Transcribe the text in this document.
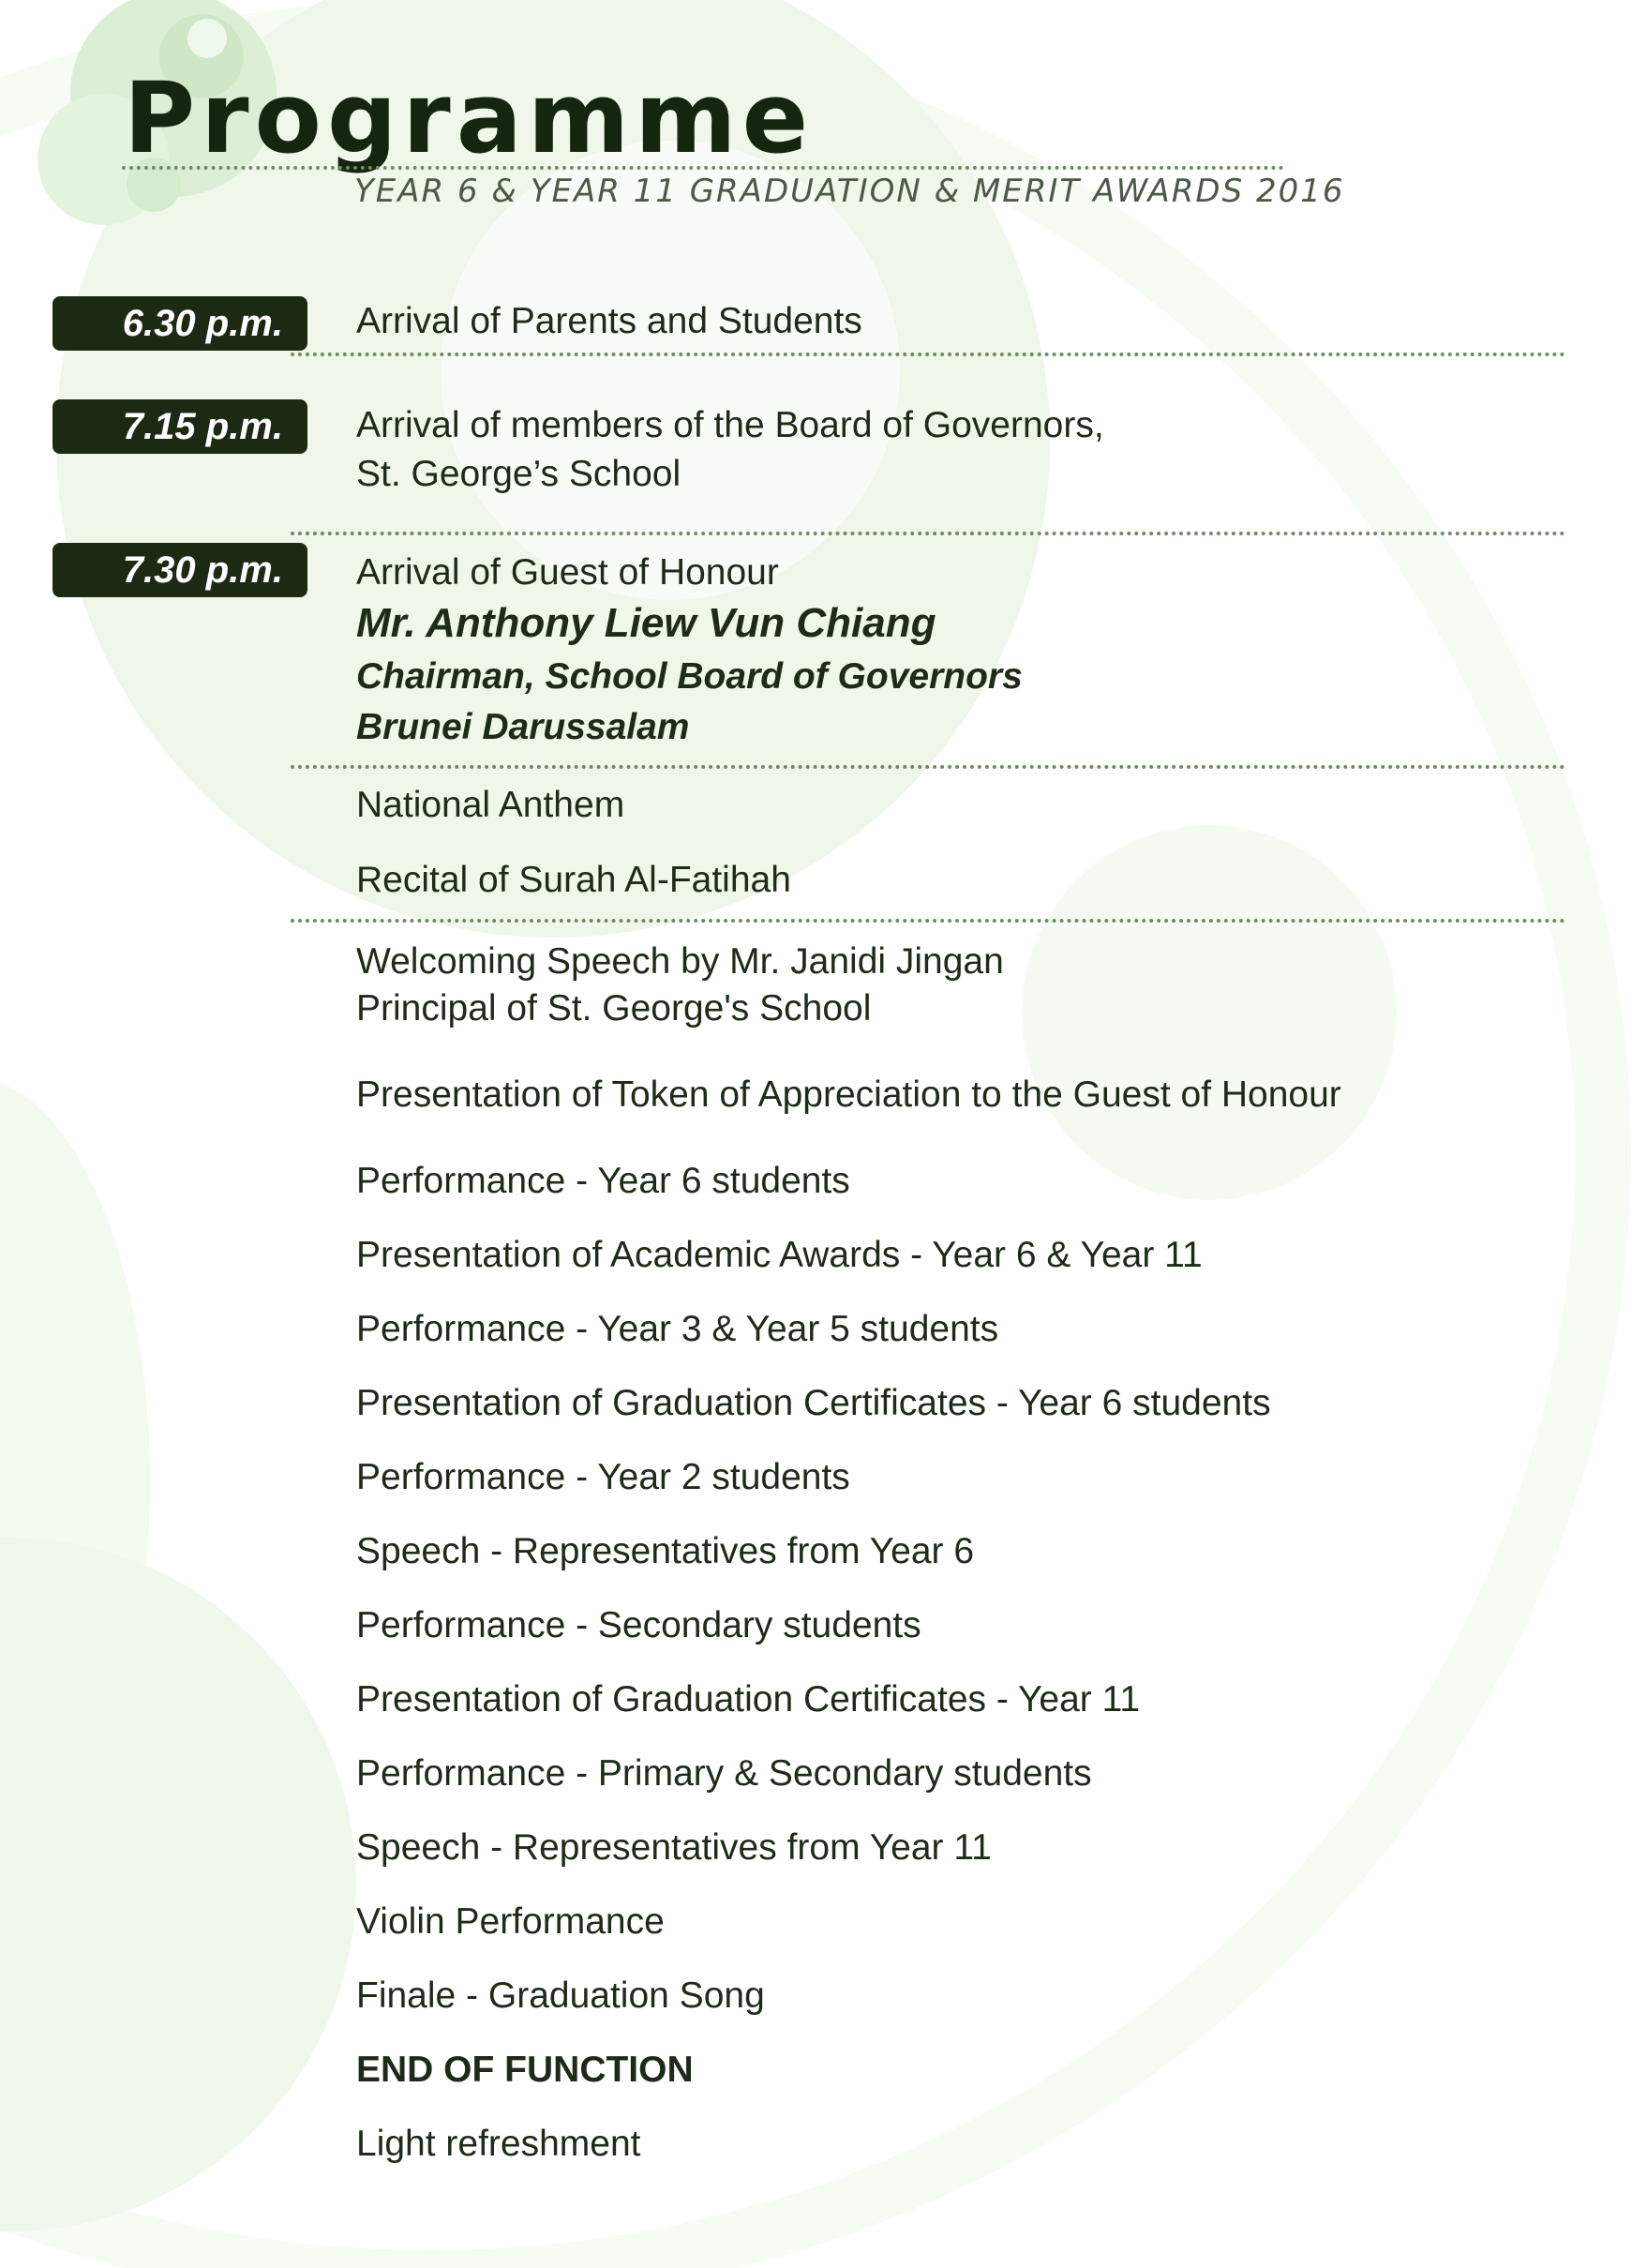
Programme
YEAR 6 & YEAR 11 GRADUATION & MERIT AWARDS 2016
6.30 p.m.	Arrival of Parents and Students
7.15 p.m.	Arrival of members of the Board of Governors,
St. George’s School
7.30 p.m.	Arrival of Guest of Honour
Mr. Anthony Liew Vun Chiang
Chairman, School Board of Governors
Brunei Darussalam
National Anthem
Recital of Surah Al-Fatihah
Welcoming Speech by Mr. Janidi Jingan
Principal of St. George's School
Presentation of Token of Appreciation to the Guest of Honour
Performance - Year 6 students
Presentation of Academic Awards - Year 6 & Year 11
Performance - Year 3 & Year 5 students
Presentation of Graduation Certificates - Year 6 students
Performance - Year 2 students
Speech - Representatives from Year 6
Performance - Secondary students
Presentation of Graduation Certificates - Year 11
Performance - Primary & Secondary students
Speech - Representatives from Year 11
Violin Performance
Finale - Graduation Song
END OF FUNCTION
Light refreshment
